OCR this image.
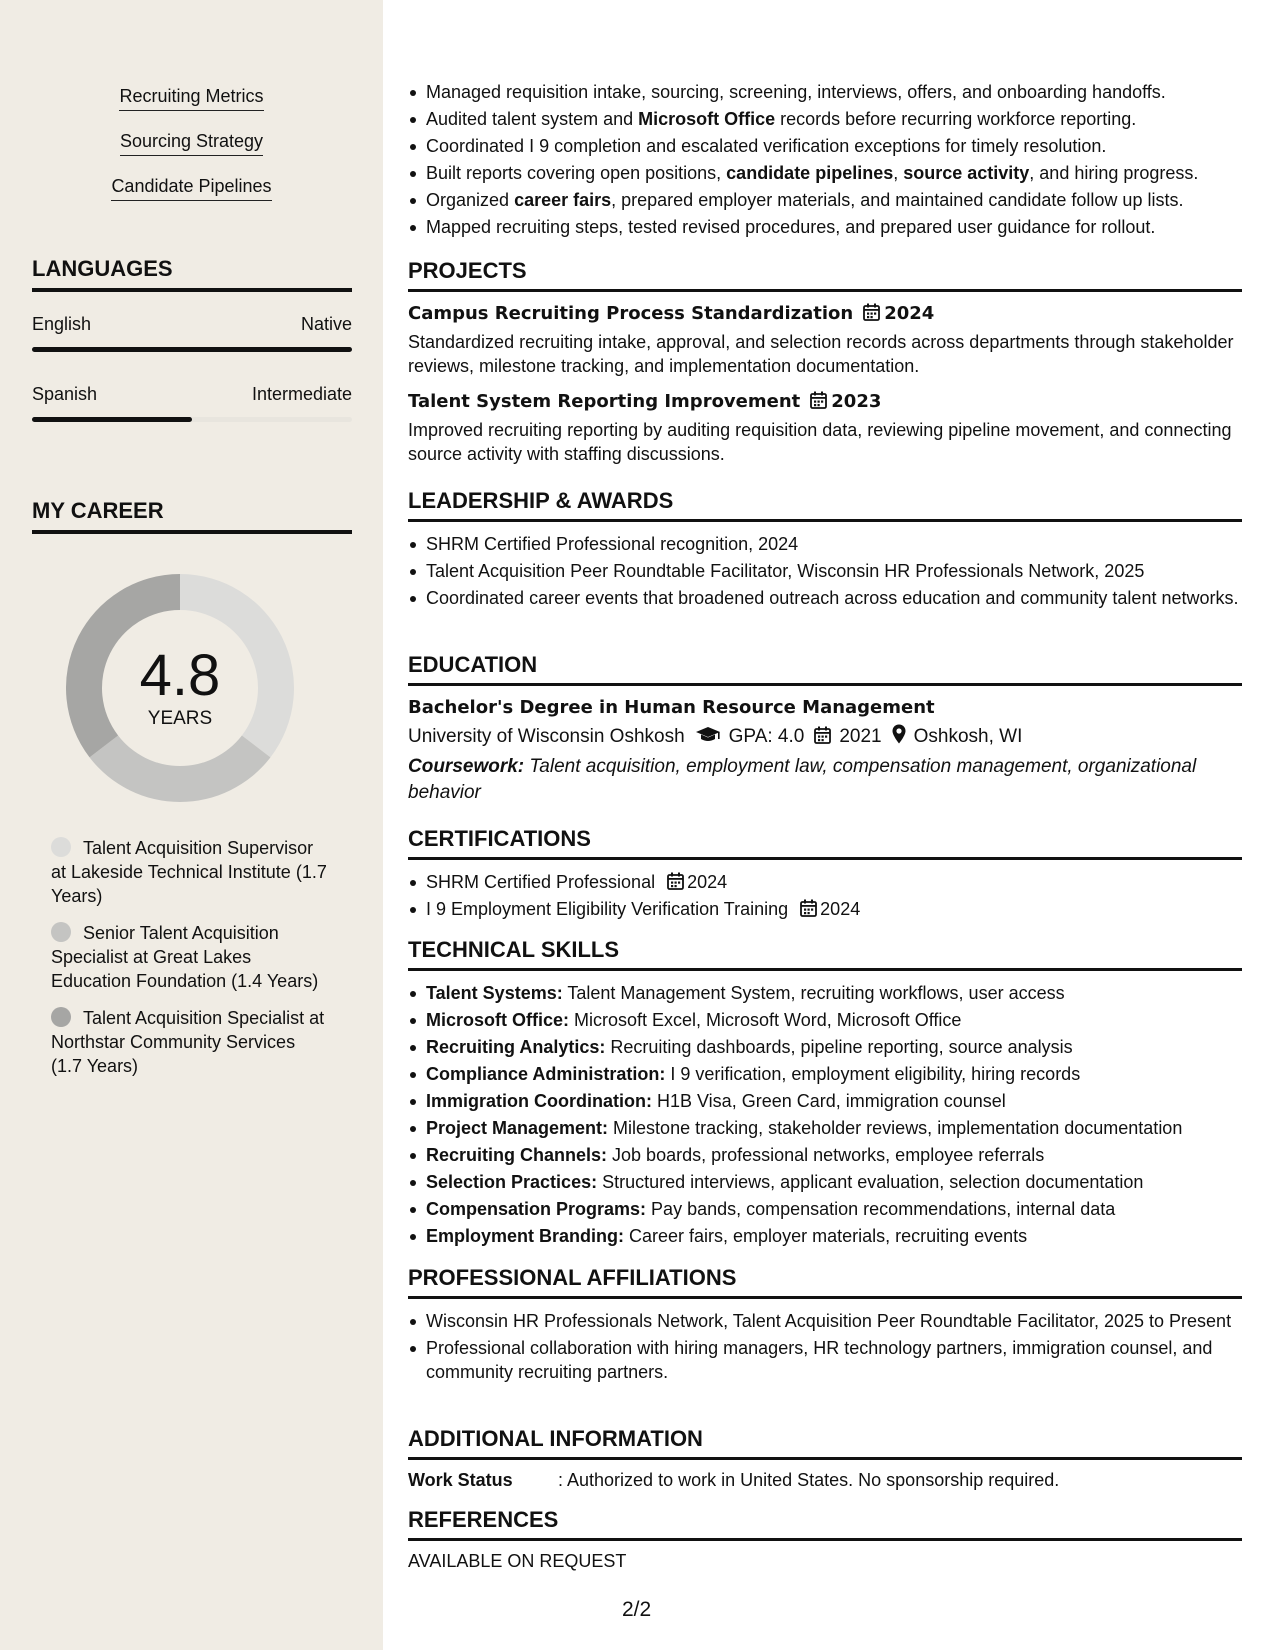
Recruiting Metrics
Sourcing Strategy
Candidate Pipelines
LANGUAGES
English	Native
Spanish	Intermediate
MY CAREER
4.8
YEARS
Talent Acquisition Supervisor at Lakeside Technical Institute (1.7 Years)
Senior Talent Acquisition Specialist at Great Lakes Education Foundation (1.4 Years)
Talent Acquisition Specialist at Northstar Community Services (1.7 Years)
Managed requisition intake, sourcing, screening, interviews, offers, and onboarding handoffs.
Audited talent system and Microsoft Office records before recurring workforce reporting.
Coordinated I 9 completion and escalated verification exceptions for timely resolution.
Built reports covering open positions, candidate pipelines, source activity, and hiring progress.
Organized career fairs, prepared employer materials, and maintained candidate follow up lists.
Mapped recruiting steps, tested revised procedures, and prepared user guidance for rollout.
PROJECTS
Campus Recruiting Process Standardization 2024
Standardized recruiting intake, approval, and selection records across departments through stakeholder reviews, milestone tracking, and implementation documentation.
Talent System Reporting Improvement 2023
Improved recruiting reporting by auditing requisition data, reviewing pipeline movement, and connecting source activity with staffing discussions.
LEADERSHIP & AWARDS
SHRM Certified Professional recognition, 2024
Talent Acquisition Peer Roundtable Facilitator, Wisconsin HR Professionals Network, 2025
Coordinated career events that broadened outreach across education and community talent networks.
EDUCATION
Bachelor's Degree in Human Resource Management
University of Wisconsin Oshkosh GPA: 4.0 2021 Oshkosh, WI
Coursework: Talent acquisition, employment law, compensation management, organizational behavior
CERTIFICATIONS
SHRM Certified Professional 2024
I 9 Employment Eligibility Verification Training 2024
TECHNICAL SKILLS
Talent Systems: Talent Management System, recruiting workflows, user access
Microsoft Office: Microsoft Excel, Microsoft Word, Microsoft Office
Recruiting Analytics: Recruiting dashboards, pipeline reporting, source analysis
Compliance Administration: I 9 verification, employment eligibility, hiring records
Immigration Coordination: H1B Visa, Green Card, immigration counsel
Project Management: Milestone tracking, stakeholder reviews, implementation documentation
Recruiting Channels: Job boards, professional networks, employee referrals
Selection Practices: Structured interviews, applicant evaluation, selection documentation
Compensation Programs: Pay bands, compensation recommendations, internal data
Employment Branding: Career fairs, employer materials, recruiting events
PROFESSIONAL AFFILIATIONS
Wisconsin HR Professionals Network, Talent Acquisition Peer Roundtable Facilitator, 2025 to Present
Professional collaboration with hiring managers, HR technology partners, immigration counsel, and community recruiting partners.
ADDITIONAL INFORMATION
Work Status	: Authorized to work in United States. No sponsorship required.
REFERENCES
AVAILABLE ON REQUEST
2/2
